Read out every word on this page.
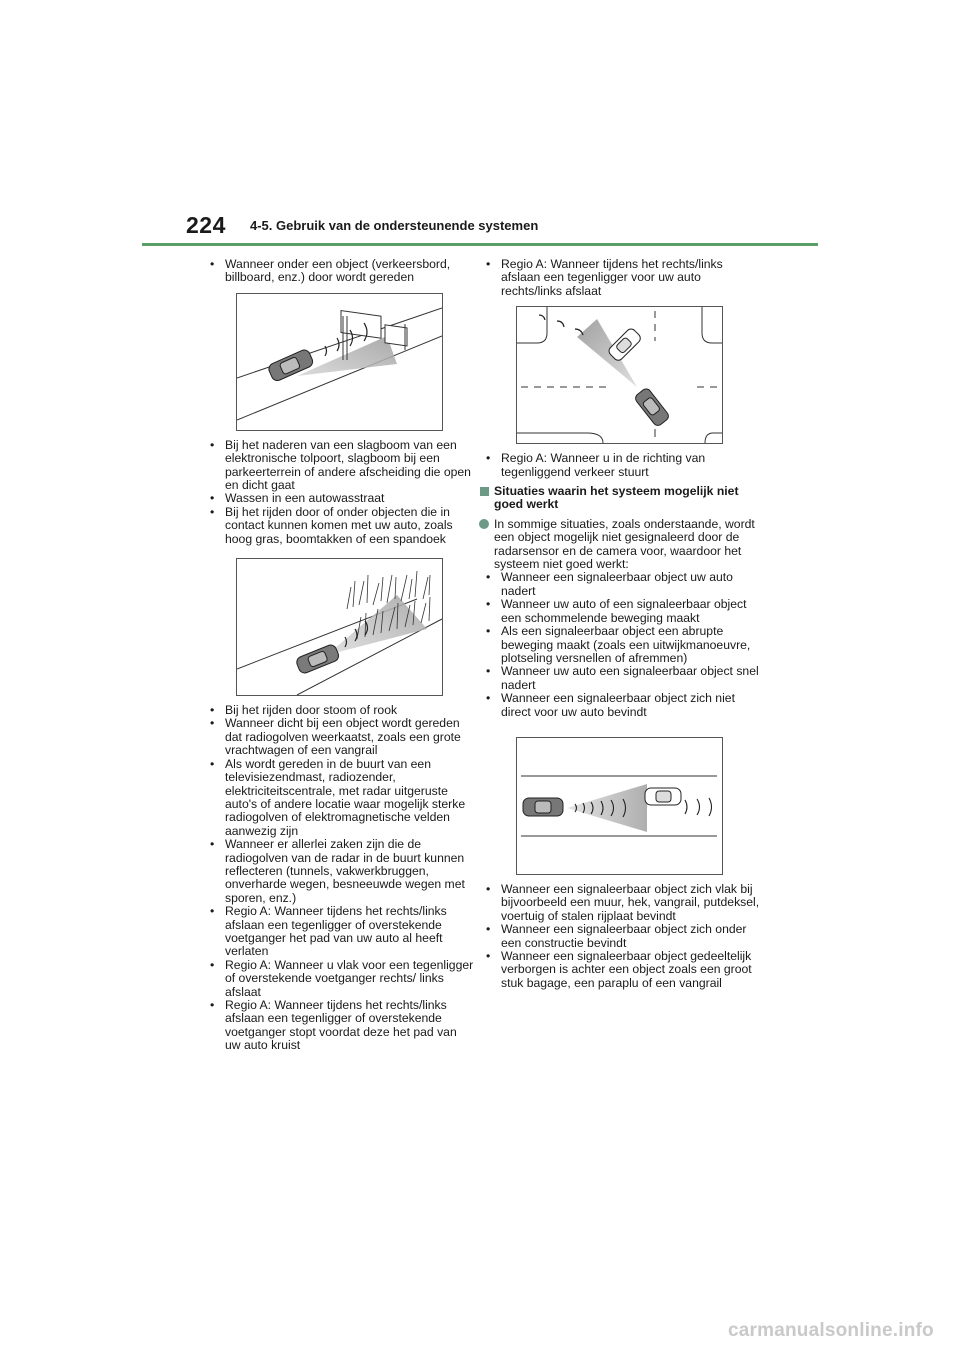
224 4-5. Gebruik van de ondersteunende systemen
• Wanneer onder een object (verkeersbord, billboard, enz.) door wordt gereden
• Bij het naderen van een slagboom van een elektronische tolpoort, slagboom bij een parkeerterrein of andere afscheiding die open en dicht gaat
• Wassen in een autowasstraat
• Bij het rijden door of onder objecten die in contact kunnen komen met uw auto, zoals hoog gras, boomtakken of een spandoek
• Bij het rijden door stoom of rook
• Wanneer dicht bij een object wordt gereden dat radiogolven weerkaatst, zoals een grote vrachtwagen of een vangrail
• Als wordt gereden in de buurt van een televisiezendmast, radiozender, elektriciteitscentrale, met radar uitgeruste auto's of andere locatie waar mogelijk sterke radiogolven of elektromagnetische velden aanwezig zijn
• Wanneer er allerlei zaken zijn die de radiogolven van de radar in de buurt kunnen reflecteren (tunnels, vakwerkbruggen, onverharde wegen, besneeuwde wegen met sporen, enz.)
• Regio A: Wanneer tijdens het rechts/links afslaan een tegenligger of overstekende voetganger het pad van uw auto al heeft verlaten
• Regio A: Wanneer u vlak voor een tegenligger of overstekende voetganger rechts/ links afslaat
• Regio A: Wanneer tijdens het rechts/links afslaan een tegenligger of overstekende voetganger stopt voordat deze het pad van uw auto kruist
• Regio A: Wanneer tijdens het rechts/links afslaan een tegenligger voor uw auto rechts/links afslaat
• Regio A: Wanneer u in de richting van tegenliggend verkeer stuurt
Situaties waarin het systeem mogelijk niet goed werkt
In sommige situaties, zoals onderstaande, wordt een object mogelijk niet gesignaleerd door de radarsensor en de camera voor, waardoor het systeem niet goed werkt:
• Wanneer een signaleerbaar object uw auto nadert
• Wanneer uw auto of een signaleerbaar object een schommelende beweging maakt
• Als een signaleerbaar object een abrupte beweging maakt (zoals een uitwijkmanoeuvre, plotseling versnellen of afremmen)
• Wanneer uw auto een signaleerbaar object snel nadert
• Wanneer een signaleerbaar object zich niet direct voor uw auto bevindt
• Wanneer een signaleerbaar object zich vlak bij bijvoorbeeld een muur, hek, vangrail, putdeksel, voertuig of stalen rijplaat bevindt
• Wanneer een signaleerbaar object zich onder een constructie bevindt
• Wanneer een signaleerbaar object gedeeltelijk verborgen is achter een object zoals een groot stuk bagage, een paraplu of een vangrail
carmanualsonline.info
